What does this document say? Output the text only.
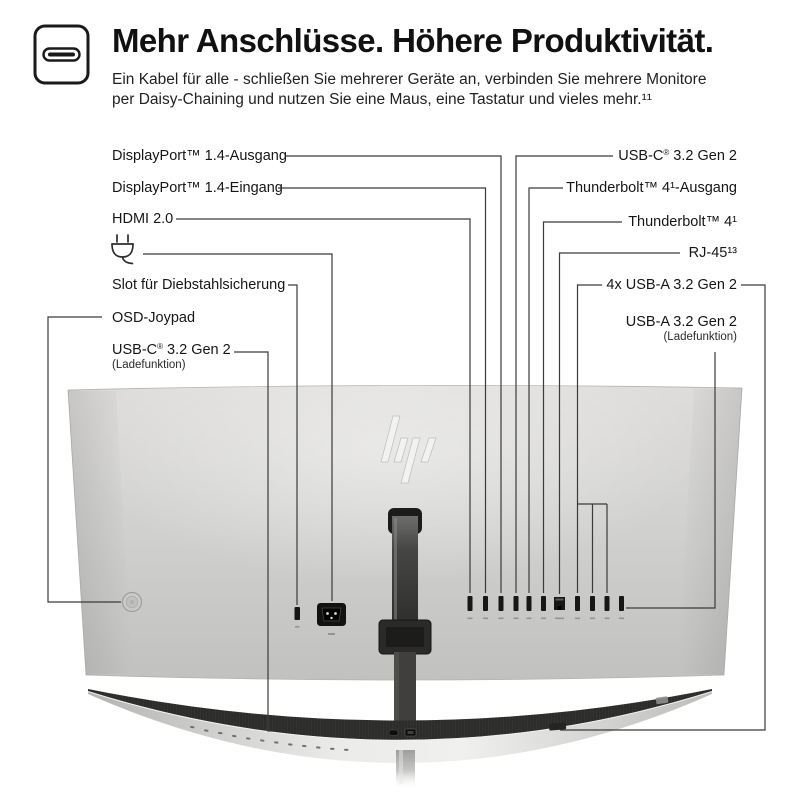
Mehr Anschlüsse. Höhere Produktivität.

Ein Kabel für alle - schließen Sie mehrerer Geräte an, verbinden Sie mehrere Monitore
per Daisy-Chaining und nutzen Sie eine Maus, eine Tastatur und vieles mehr.¹¹

DisplayPort™ 1.4-Ausgang
DisplayPort™ 1.4-Eingang
HDMI 2.0
Slot für Diebstahlsicherung
OSD-Joypad
USB-C® 3.2 Gen 2
(Ladefunktion)
USB-C® 3.2 Gen 2
Thunderbolt™ 4¹-Ausgang
Thunderbolt™ 4¹
RJ-45¹³
4x USB-A 3.2 Gen 2
USB-A 3.2 Gen 2
(Ladefunktion)
